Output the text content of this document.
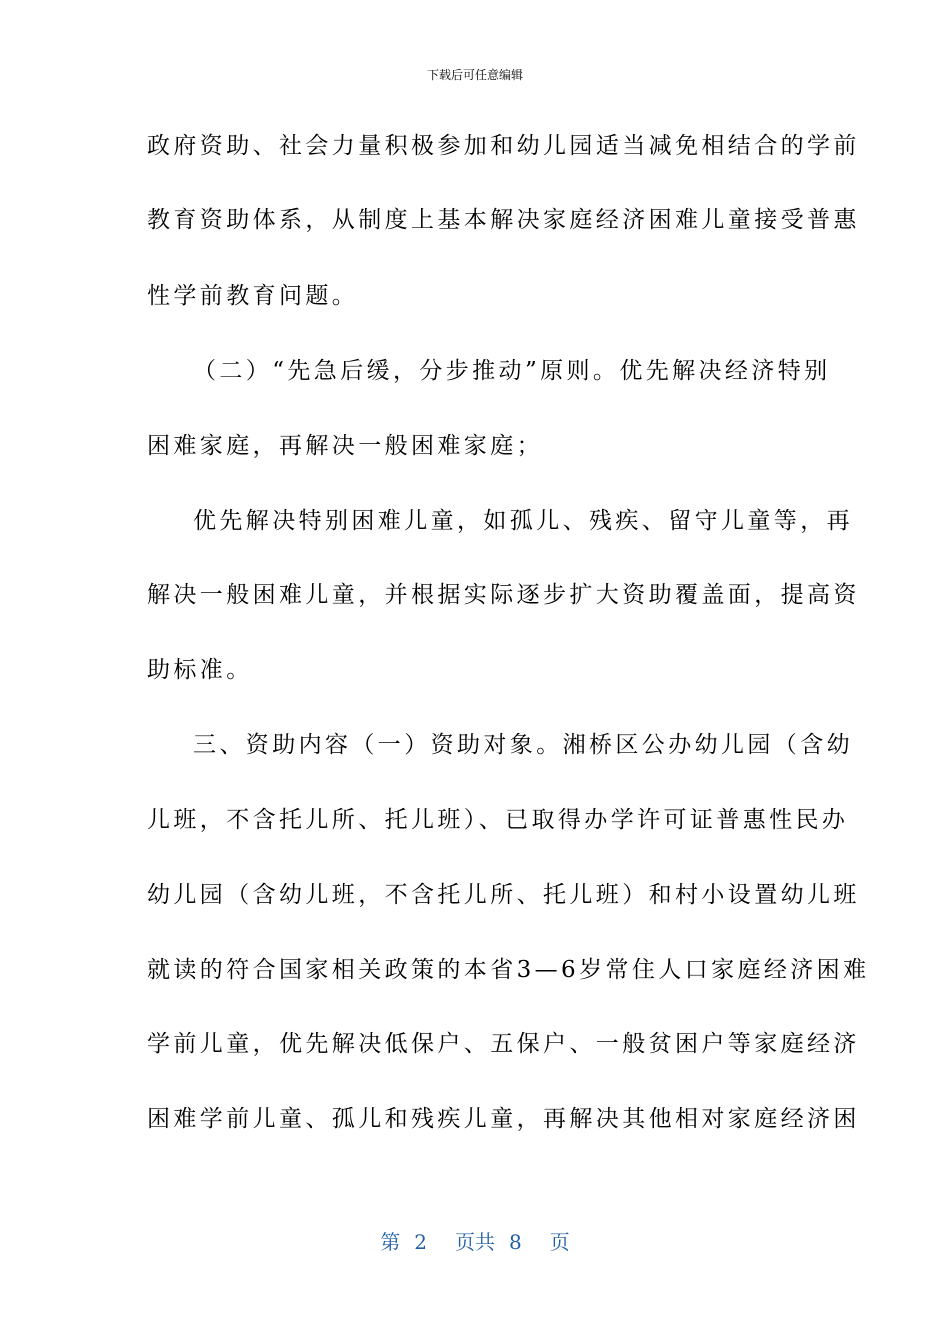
下载后可任意编辑
政府资助、社会力量积极参加和幼儿园适当减免相结合的学前
教育资助体系，从制度上基本解决家庭经济困难儿童接受普惠
性学前教育问题。
（二）“先急后缓，分步推动”原则。优先解决经济特别
困难家庭，再解决一般困难家庭；
优先解决特别困难儿童，如孤儿、残疾、留守儿童等，再
解决一般困难儿童，并根据实际逐步扩大资助覆盖面，提高资
助标准。
三、资助内容（一）资助对象。湘桥区公办幼儿园（含幼
儿班，不含托儿所、托儿班）、已取得办学许可证普惠性民办
幼儿园（含幼儿班，不含托儿所、托儿班）和村小设置幼儿班
就读的符合国家相关政策的本省3—6岁常住人口家庭经济困难
学前儿童，优先解决低保户、五保户、一般贫困户等家庭经济
困难学前儿童、孤儿和残疾儿童，再解决其他相对家庭经济困
第 2 页共 8 页
